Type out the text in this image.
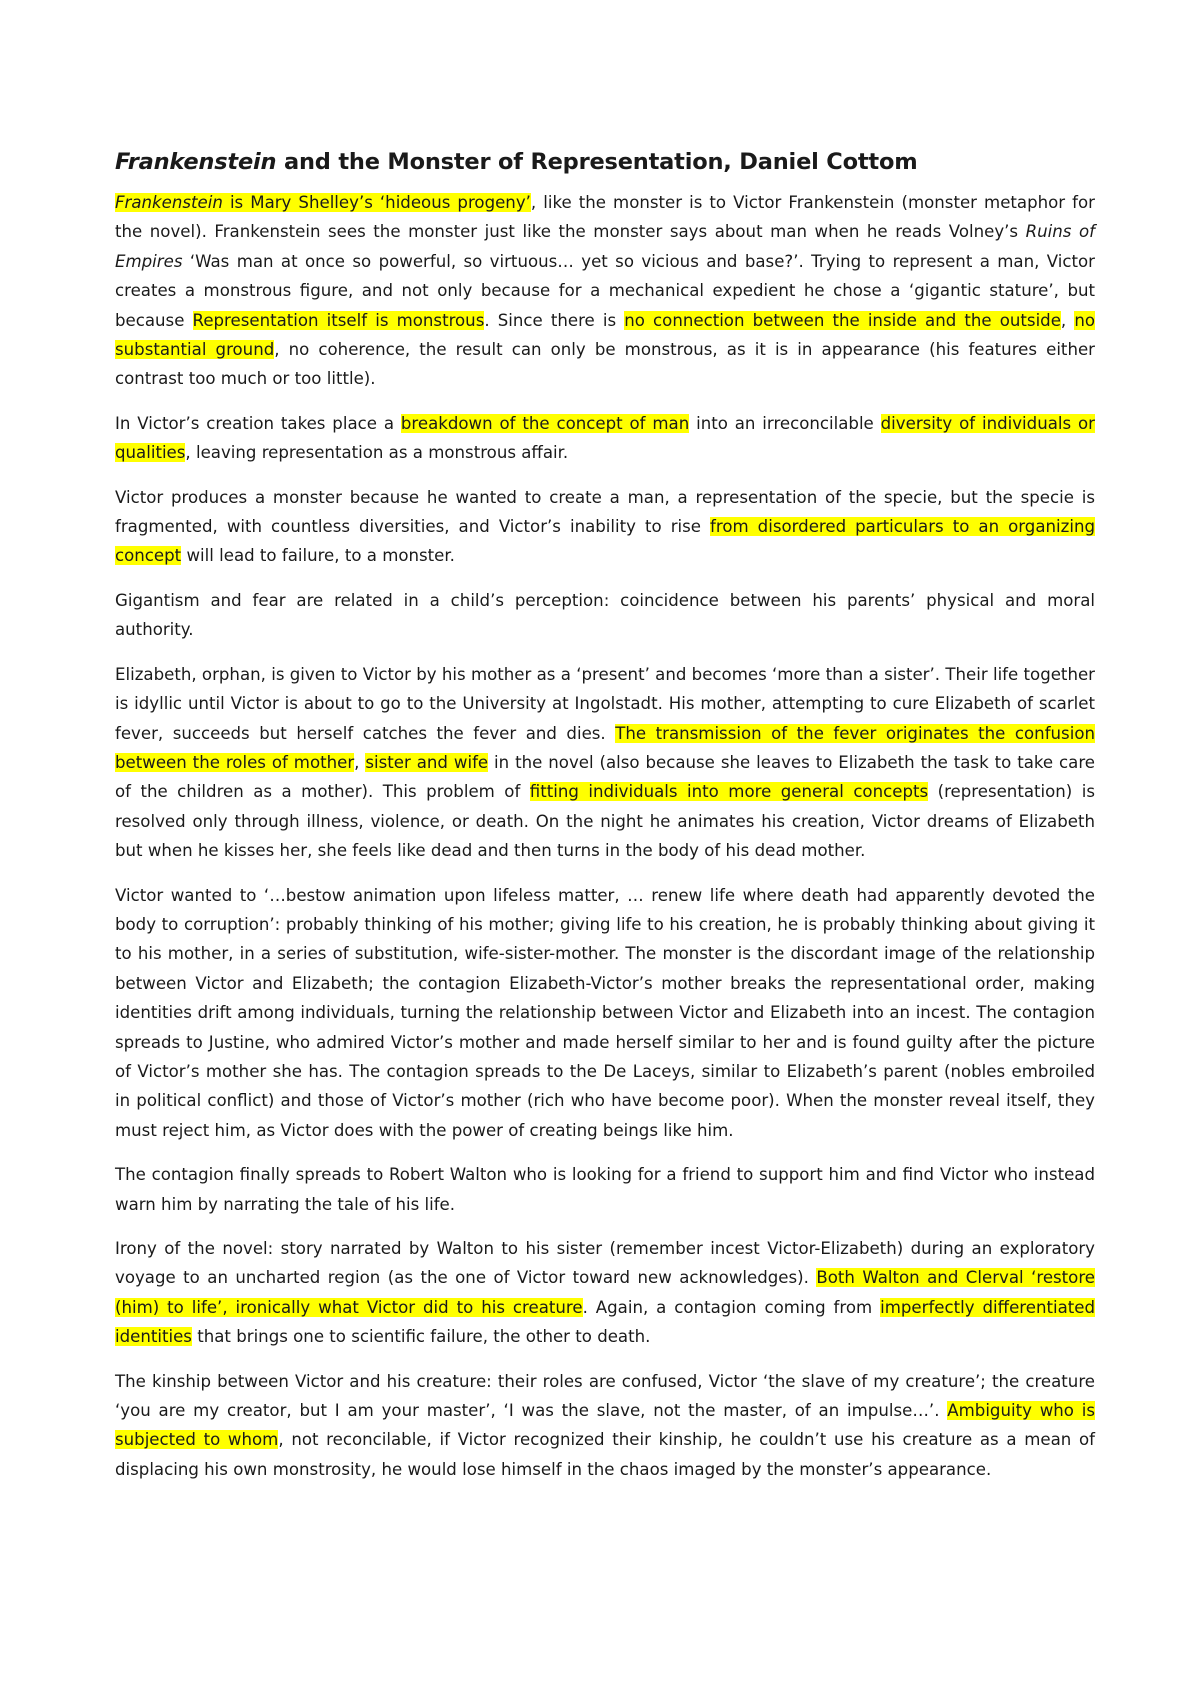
Frankenstein and the Monster of Representation, Daniel Cottom

Frankenstein is Mary Shelley’s ‘hideous progeny’, like the monster is to Victor Frankenstein (monster metaphor for the novel). Frankenstein sees the monster just like the monster says about man when he reads Volney’s Ruins of Empires ‘Was man at once so powerful, so virtuous… yet so vicious and base?’. Trying to represent a man, Victor creates a monstrous figure, and not only because for a mechanical expedient he chose a ‘gigantic stature’, but because Representation itself is monstrous. Since there is no connection between the inside and the outside, no substantial ground, no coherence, the result can only be monstrous, as it is in appearance (his features either contrast too much or too little).

In Victor’s creation takes place a breakdown of the concept of man into an irreconcilable diversity of individuals or qualities, leaving representation as a monstrous affair.

Victor produces a monster because he wanted to create a man, a representation of the specie, but the specie is fragmented, with countless diversities, and Victor’s inability to rise from disordered particulars to an organizing concept will lead to failure, to a monster.

Gigantism and fear are related in a child’s perception: coincidence between his parents’ physical and moral authority.

Elizabeth, orphan, is given to Victor by his mother as a ‘present’ and becomes ‘more than a sister’. Their life together is idyllic until Victor is about to go to the University at Ingolstadt. His mother, attempting to cure Elizabeth of scarlet fever, succeeds but herself catches the fever and dies. The transmission of the fever originates the confusion between the roles of mother, sister and wife in the novel (also because she leaves to Elizabeth the task to take care of the children as a mother). This problem of fitting individuals into more general concepts (representation) is resolved only through illness, violence, or death. On the night he animates his creation, Victor dreams of Elizabeth but when he kisses her, she feels like dead and then turns in the body of his dead mother.

Victor wanted to ‘…bestow animation upon lifeless matter, … renew life where death had apparently devoted the body to corruption’: probably thinking of his mother; giving life to his creation, he is probably thinking about giving it to his mother, in a series of substitution, wife-sister-mother. The monster is the discordant image of the relationship between Victor and Elizabeth; the contagion Elizabeth-Victor’s mother breaks the representational order, making identities drift among individuals, turning the relationship between Victor and Elizabeth into an incest. The contagion spreads to Justine, who admired Victor’s mother and made herself similar to her and is found guilty after the picture of Victor’s mother she has. The contagion spreads to the De Laceys, similar to Elizabeth’s parent (nobles embroiled in political conflict) and those of Victor’s mother (rich who have become poor). When the monster reveal itself, they must reject him, as Victor does with the power of creating beings like him.

The contagion finally spreads to Robert Walton who is looking for a friend to support him and find Victor who instead warn him by narrating the tale of his life.

Irony of the novel: story narrated by Walton to his sister (remember incest Victor-Elizabeth) during an exploratory voyage to an uncharted region (as the one of Victor toward new acknowledges). Both Walton and Clerval ‘restore (him) to life’, ironically what Victor did to his creature. Again, a contagion coming from imperfectly differentiated identities that brings one to scientific failure, the other to death.

The kinship between Victor and his creature: their roles are confused, Victor ‘the slave of my creature’; the creature ‘you are my creator, but I am your master’, ‘I was the slave, not the master, of an impulse…’. Ambiguity who is subjected to whom, not reconcilable, if Victor recognized their kinship, he couldn’t use his creature as a mean of displacing his own monstrosity, he would lose himself in the chaos imaged by the monster’s appearance.
